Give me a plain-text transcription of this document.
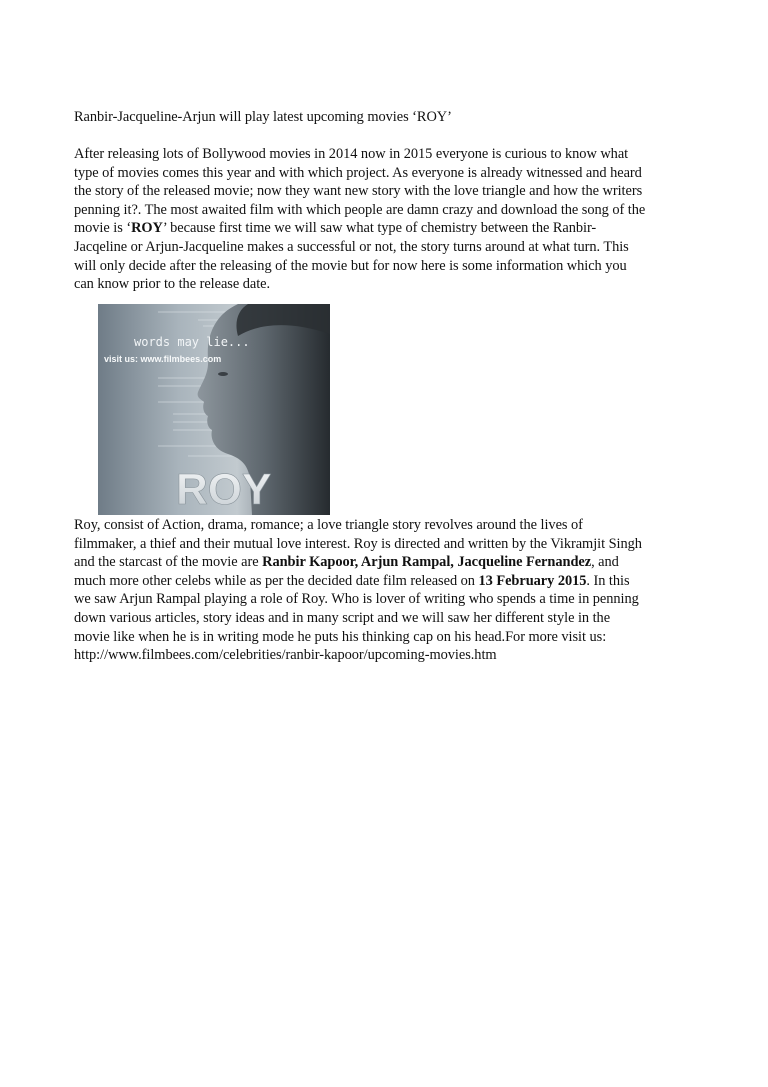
Ranbir-Jacqueline-Arjun will play latest upcoming movies ‘ROY’

After releasing lots of Bollywood movies in 2014 now in 2015 everyone is curious to know what

type of movies comes this year and with which project. As everyone is already witnessed and heard

the story of the released movie; now they want new story with the love triangle and how the writers

penning it?. The most awaited film with which people are damn crazy and download the song of the

movie is ‘ROY’ because first time we will saw what type of chemistry between the Ranbir-

Jacqeline or Arjun-Jacqueline makes a successful or not, the story turns around at what turn. This

will only decide after the releasing of the movie but for now here is some information which you

can know prior to the release date.

words may lie...
visit us: www.filmbees.com
ROY

Roy, consist of Action, drama, romance; a love triangle story revolves around the lives of

filmmaker, a thief and their mutual love interest. Roy is directed and written by the Vikramjit Singh

and the starcast of the movie are Ranbir Kapoor, Arjun Rampal, Jacqueline Fernandez, and

much more other celebs while as per the decided date film released on 13 February 2015. In this

we saw Arjun Rampal playing a role of Roy. Who is lover of writing who spends a time in penning

down various articles, story ideas and in many script and we will saw her different style in the

movie like when he is in writing mode he puts his thinking cap on his head.For more visit us:

http://www.filmbees.com/celebrities/ranbir-kapoor/upcoming-movies.htm
